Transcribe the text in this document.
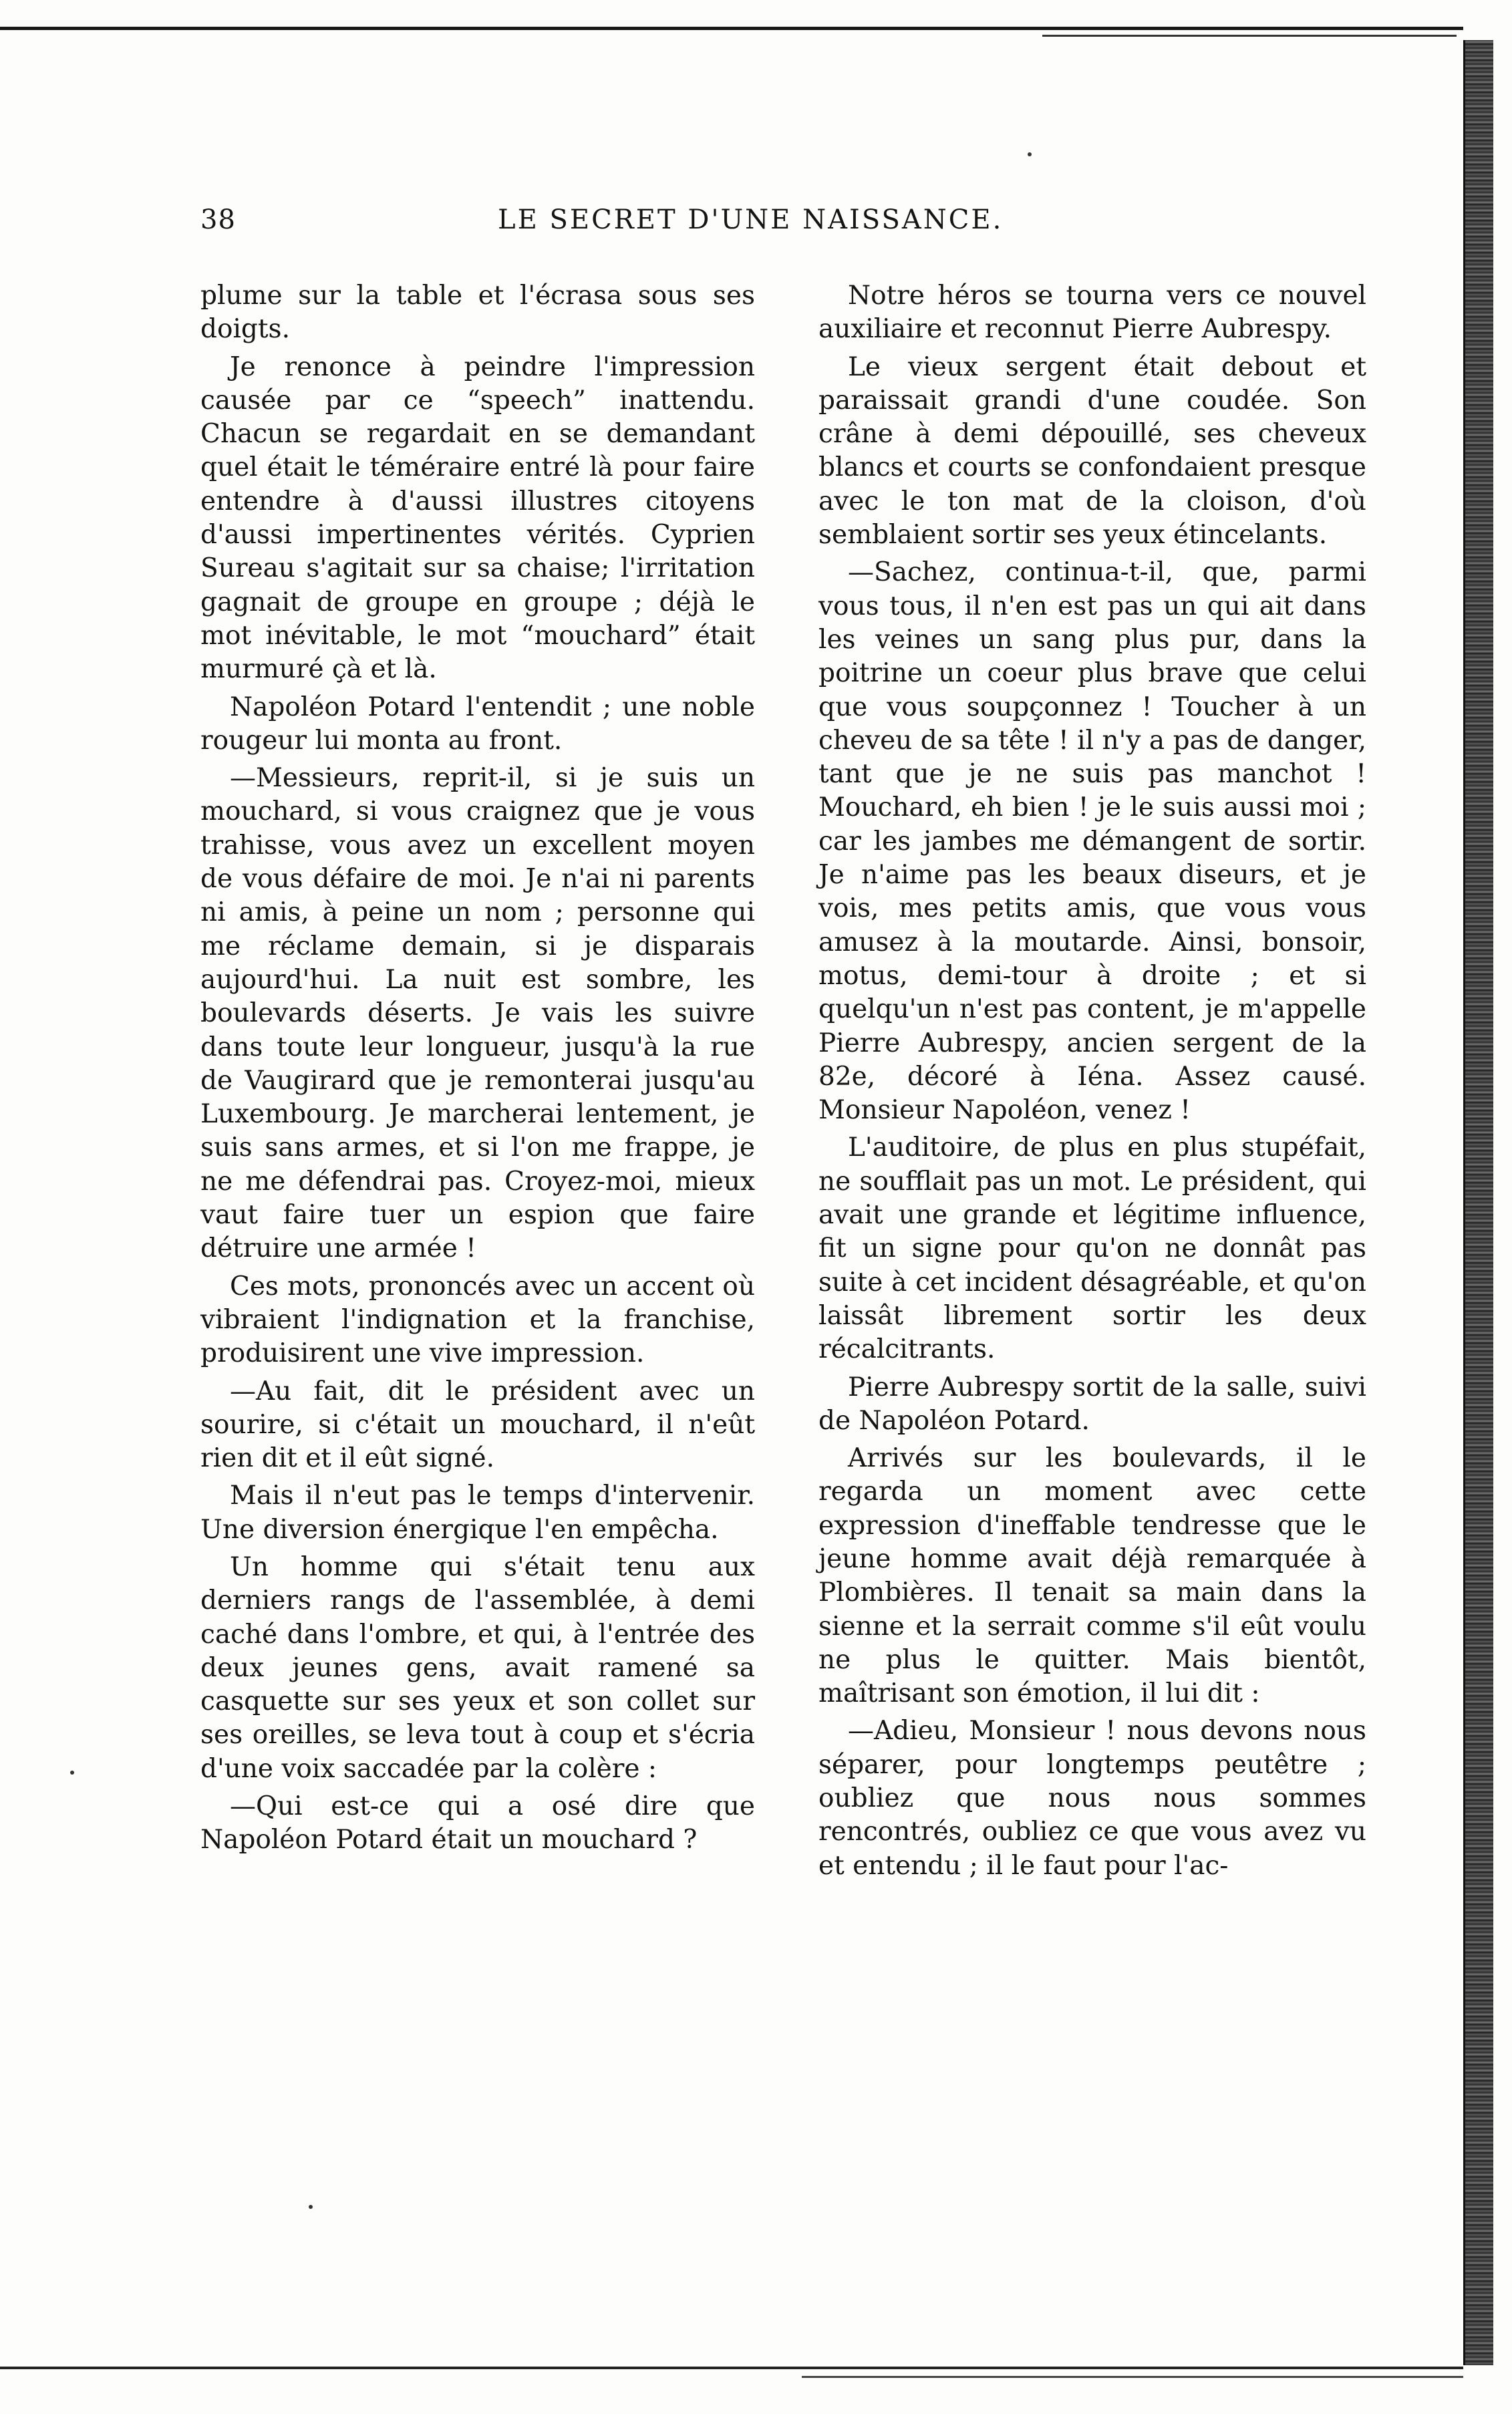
38	LE SECRET D'UNE NAISSANCE.

plume sur la table et l'écrasa sous ses doigts.

Je renonce à peindre l'impression causée par ce “speech” inattendu. Chacun se regardait en se demandant quel était le téméraire entré là pour faire entendre à d'aussi illustres citoyens d'aussi impertinentes vérités. Cyprien Sureau s'agitait sur sa chaise; l'irritation gagnait de groupe en groupe ; déjà le mot inévitable, le mot “mouchard” était murmuré çà et là.

Napoléon Potard l'entendit ; une noble rougeur lui monta au front.

—Messieurs, reprit-il, si je suis un mouchard, si vous craignez que je vous trahisse, vous avez un excellent moyen de vous défaire de moi. Je n'ai ni parents ni amis, à peine un nom ; personne qui me réclame demain, si je disparais aujourd'hui. La nuit est sombre, les boulevards déserts. Je vais les suivre dans toute leur longueur, jusqu'à la rue de Vaugirard que je remonterai jusqu'au Luxembourg. Je marcherai lentement, je suis sans armes, et si l'on me frappe, je ne me défendrai pas. Croyez-moi, mieux vaut faire tuer un espion que faire détruire une armée !

Ces mots, prononcés avec un accent où vibraient l'indignation et la franchise, produisirent une vive impression.

—Au fait, dit le président avec un sourire, si c'était un mouchard, il n'eût rien dit et il eût signé.

Mais il n'eut pas le temps d'intervenir. Une diversion énergique l'en empêcha.

Un homme qui s'était tenu aux derniers rangs de l'assemblée, à demi caché dans l'ombre, et qui, à l'entrée des deux jeunes gens, avait ramené sa casquette sur ses yeux et son collet sur ses oreilles, se leva tout à coup et s'écria d'une voix saccadée par la colère :

—Qui est-ce qui a osé dire que Napoléon Potard était un mouchard ?

Notre héros se tourna vers ce nouvel auxiliaire et reconnut Pierre Aubrespy.

Le vieux sergent était debout et paraissait grandi d'une coudée. Son crâne à demi dépouillé, ses cheveux blancs et courts se confondaient presque avec le ton mat de la cloison, d'où semblaient sortir ses yeux étincelants.

—Sachez, continua-t-il, que, parmi vous tous, il n'en est pas un qui ait dans les veines un sang plus pur, dans la poitrine un coeur plus brave que celui que vous soupçonnez ! Toucher à un cheveu de sa tête ! il n'y a pas de danger, tant que je ne suis pas manchot ! Mouchard, eh bien ! je le suis aussi moi ; car les jambes me démangent de sortir. Je n'aime pas les beaux diseurs, et je vois, mes petits amis, que vous vous amusez à la moutarde. Ainsi, bonsoir, motus, demi-tour à droite ; et si quelqu'un n'est pas content, je m'appelle Pierre Aubrespy, ancien sergent de la 82e, décoré à Iéna. Assez causé. Monsieur Napoléon, venez !

L'auditoire, de plus en plus stupéfait, ne soufflait pas un mot. Le président, qui avait une grande et légitime influence, fit un signe pour qu'on ne donnât pas suite à cet incident désagréable, et qu'on laissât librement sortir les deux récalcitrants.

Pierre Aubrespy sortit de la salle, suivi de Napoléon Potard.

Arrivés sur les boulevards, il le regarda un moment avec cette expression d'ineffable tendresse que le jeune homme avait déjà remarquée à Plombières. Il tenait sa main dans la sienne et la serrait comme s'il eût voulu ne plus le quitter. Mais bientôt, maîtrisant son émotion, il lui dit :

—Adieu, Monsieur ! nous devons nous séparer, pour longtemps peutêtre ; oubliez que nous nous sommes rencontrés, oubliez ce que vous avez vu et entendu ; il le faut pour l'ac-
